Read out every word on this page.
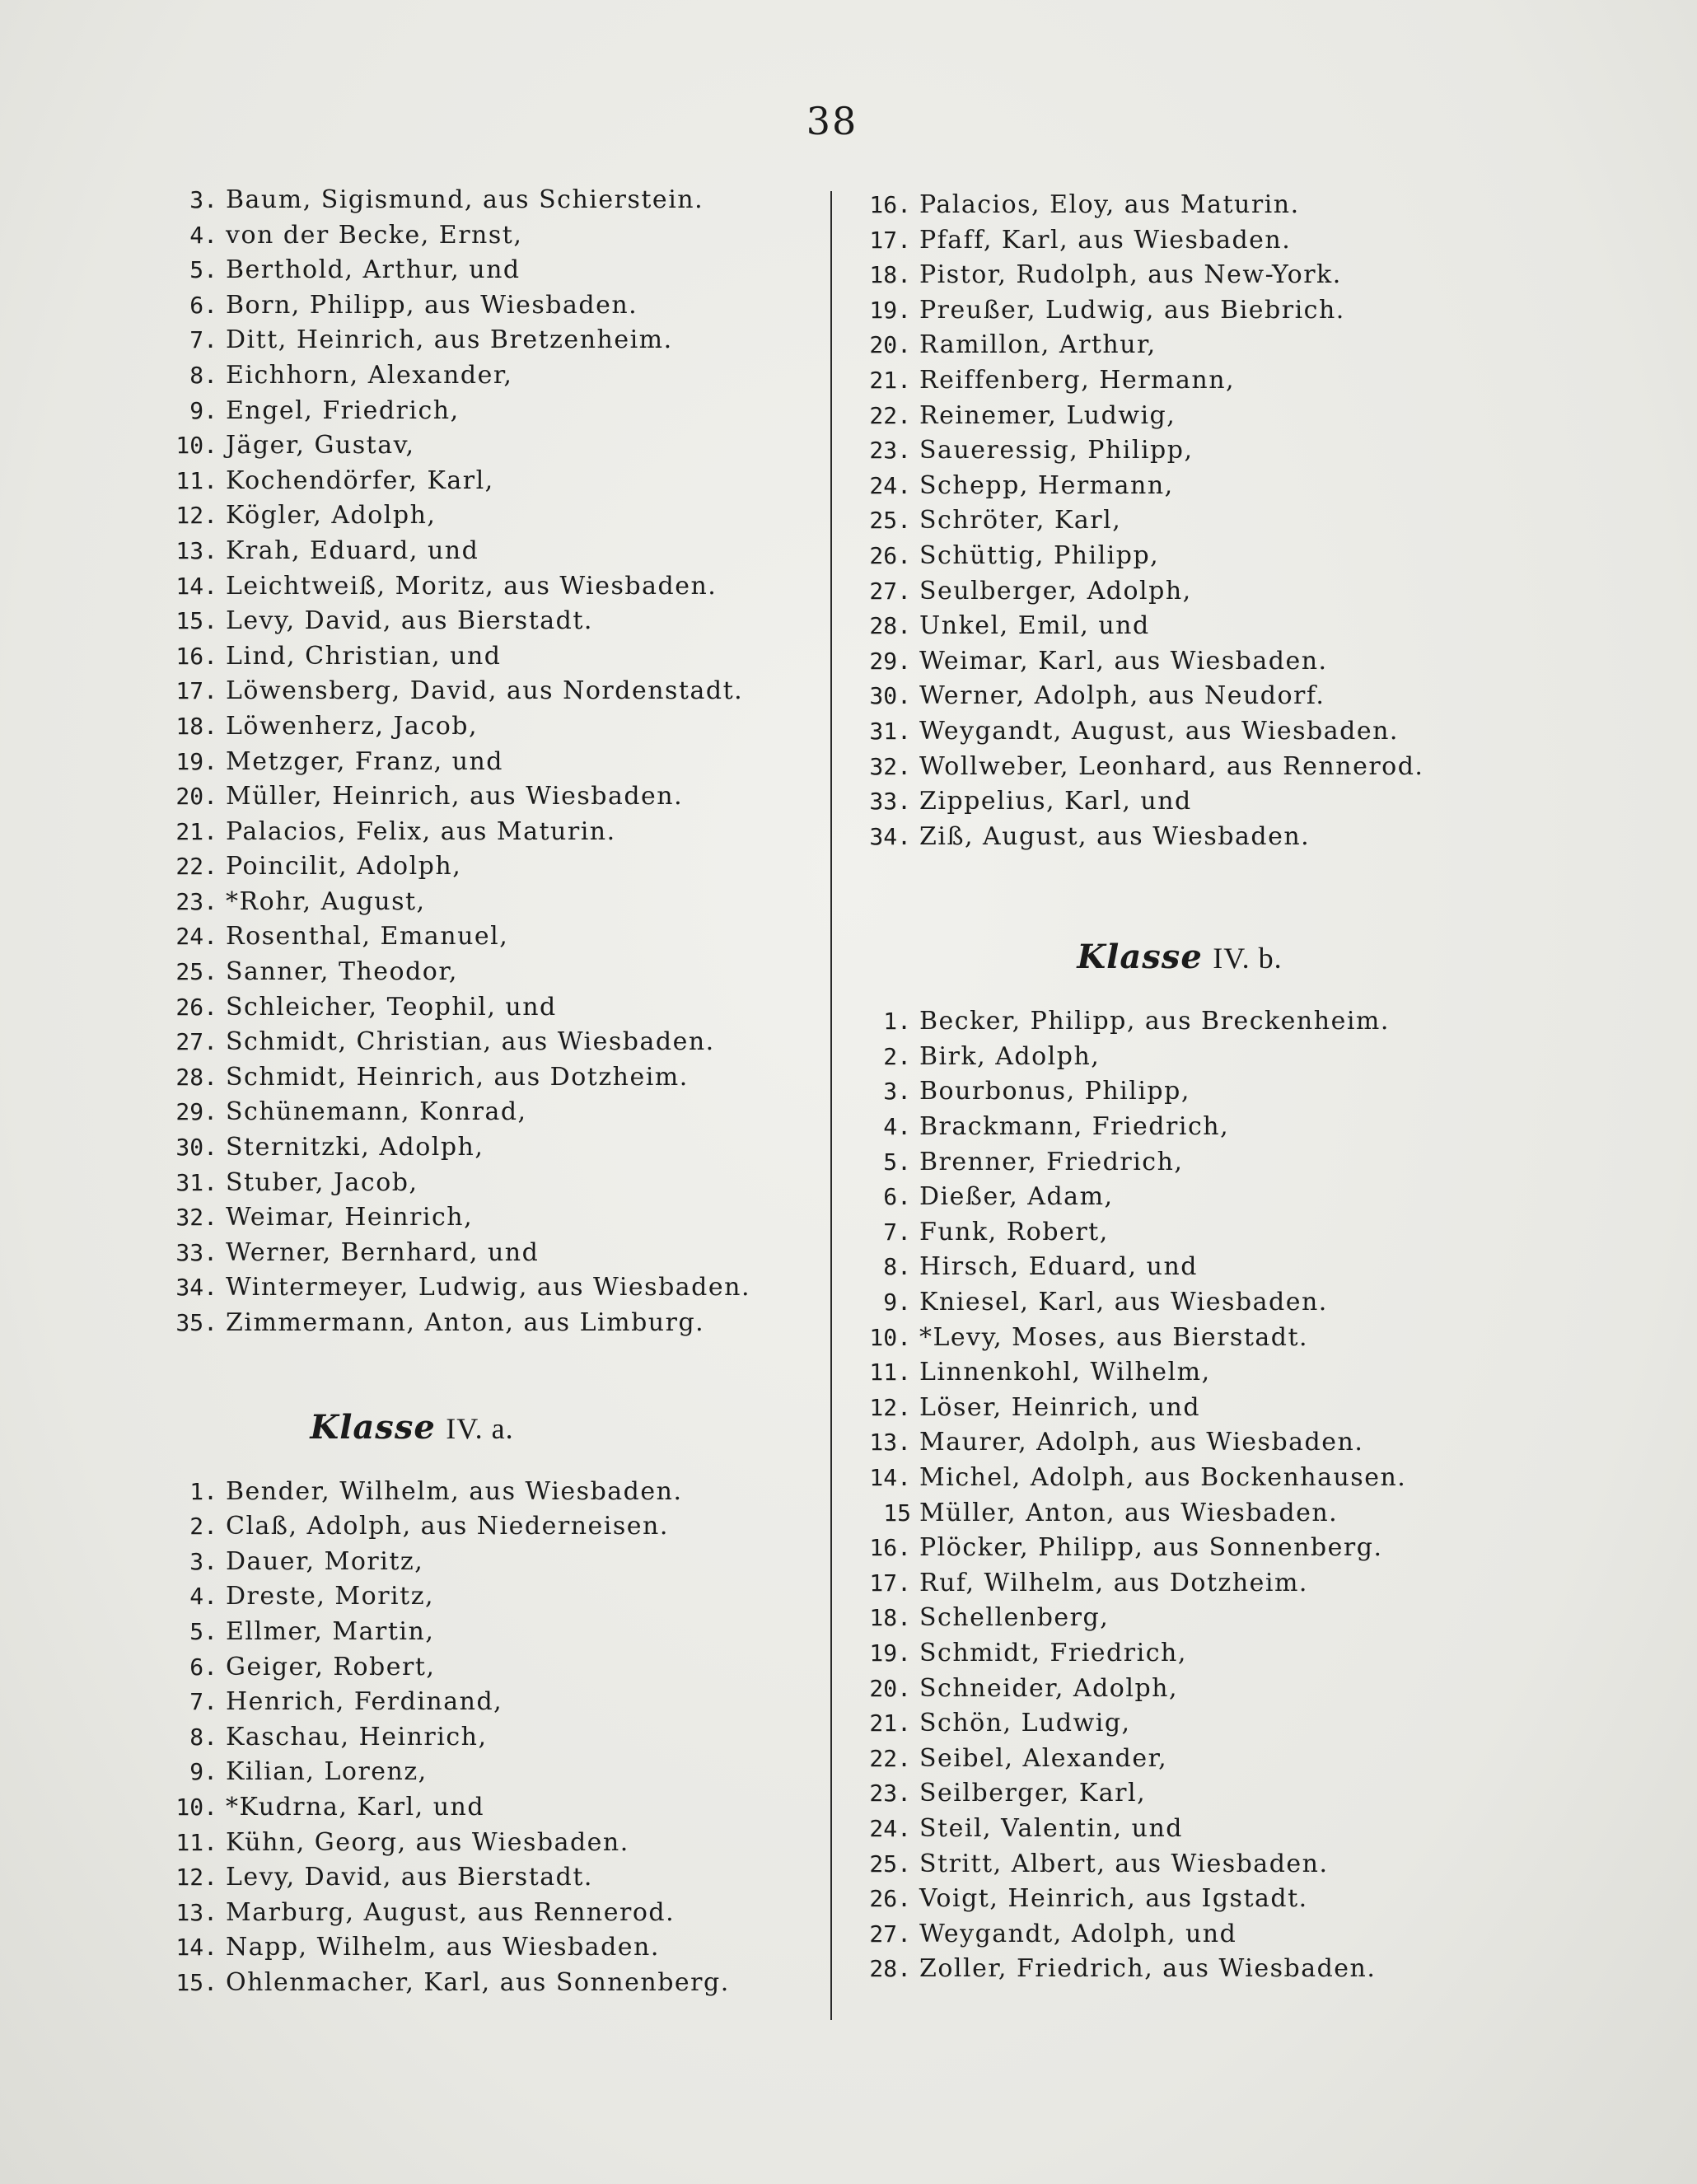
38
3. Baum, Sigismund, aus Schierstein.
4. von der Becke, Ernst,
5. Berthold, Arthur, und
6. Born, Philipp, aus Wiesbaden.
7. Ditt, Heinrich, aus Bretzenheim.
8. Eichhorn, Alexander,
9. Engel, Friedrich,
10. Jäger, Gustav,
11. Kochendörfer, Karl,
12. Kögler, Adolph,
13. Krah, Eduard, und
14. Leichtweiß, Moritz, aus Wiesbaden.
15. Levy, David, aus Bierstadt.
16. Lind, Christian, und
17. Löwensberg, David, aus Nordenstadt.
18. Löwenherz, Jacob,
19. Metzger, Franz, und
20. Müller, Heinrich, aus Wiesbaden.
21. Palacios, Felix, aus Maturin.
22. Poincilit, Adolph,
23. *Rohr, August,
24. Rosenthal, Emanuel,
25. Sanner, Theodor,
26. Schleicher, Teophil, und
27. Schmidt, Christian, aus Wiesbaden.
28. Schmidt, Heinrich, aus Dotzheim.
29. Schünemann, Konrad,
30. Sternitzki, Adolph,
31. Stuber, Jacob,
32. Weimar, Heinrich,
33. Werner, Bernhard, und
34. Wintermeyer, Ludwig, aus Wiesbaden.
35. Zimmermann, Anton, aus Limburg.
Klasse IV. a.
1. Bender, Wilhelm, aus Wiesbaden.
2. Claß, Adolph, aus Niederneisen.
3. Dauer, Moritz,
4. Dreste, Moritz,
5. Ellmer, Martin,
6. Geiger, Robert,
7. Henrich, Ferdinand,
8. Kaschau, Heinrich,
9. Kilian, Lorenz,
10. *Kudrna, Karl, und
11. Kühn, Georg, aus Wiesbaden.
12. Levy, David, aus Bierstadt.
13. Marburg, August, aus Rennerod.
14. Napp, Wilhelm, aus Wiesbaden.
15. Ohlenmacher, Karl, aus Sonnenberg.
16. Palacios, Eloy, aus Maturin.
17. Pfaff, Karl, aus Wiesbaden.
18. Pistor, Rudolph, aus New-York.
19. Preußer, Ludwig, aus Biebrich.
20. Ramillon, Arthur,
21. Reiffenberg, Hermann,
22. Reinemer, Ludwig,
23. Saueressig, Philipp,
24. Schepp, Hermann,
25. Schröter, Karl,
26. Schüttig, Philipp,
27. Seulberger, Adolph,
28. Unkel, Emil, und
29. Weimar, Karl, aus Wiesbaden.
30. Werner, Adolph, aus Neudorf.
31. Weygandt, August, aus Wiesbaden.
32. Wollweber, Leonhard, aus Rennerod.
33. Zippelius, Karl, und
34. Ziß, August, aus Wiesbaden.
Klasse IV. b.
1. Becker, Philipp, aus Breckenheim.
2. Birk, Adolph,
3. Bourbonus, Philipp,
4. Brackmann, Friedrich,
5. Brenner, Friedrich,
6. Dießer, Adam,
7. Funk, Robert,
8. Hirsch, Eduard, und
9. Kniesel, Karl, aus Wiesbaden.
10. *Levy, Moses, aus Bierstadt.
11. Linnenkohl, Wilhelm,
12. Löser, Heinrich, und
13. Maurer, Adolph, aus Wiesbaden.
14. Michel, Adolph, aus Bockenhausen.
15 Müller, Anton, aus Wiesbaden.
16. Plöcker, Philipp, aus Sonnenberg.
17. Ruf, Wilhelm, aus Dotzheim.
18. Schellenberg,
19. Schmidt, Friedrich,
20. Schneider, Adolph,
21. Schön, Ludwig,
22. Seibel, Alexander,
23. Seilberger, Karl,
24. Steil, Valentin, und
25. Stritt, Albert, aus Wiesbaden.
26. Voigt, Heinrich, aus Igstadt.
27. Weygandt, Adolph, und
28. Zoller, Friedrich, aus Wiesbaden.
